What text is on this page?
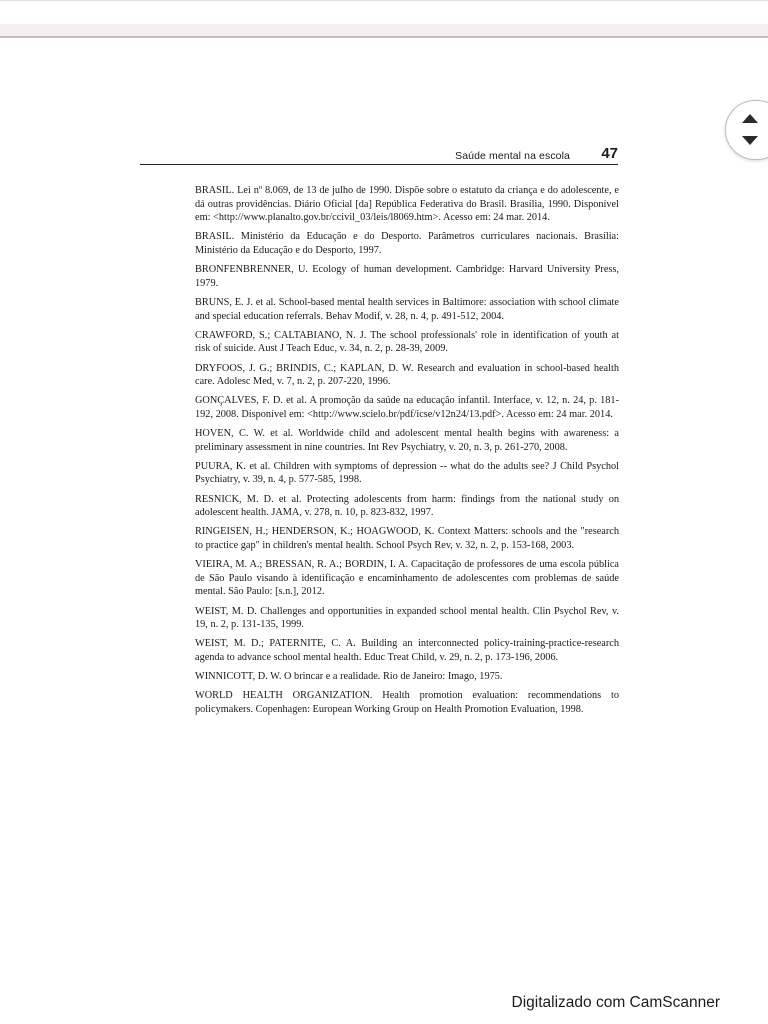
Saúde mental na escola 47

BRASIL. Lei nº 8.069, de 13 de julho de 1990. Dispõe sobre o estatuto da criança e do adolescente, e dá outras providências. Diário Oficial [da] República Federativa do Brasil. Brasília, 1990. Disponível em: <http://www.planalto.gov.br/ccivil_03/leis/l8069.htm>. Acesso em: 24 mar. 2014.

BRASIL. Ministério da Educação e do Desporto. Parâmetros curriculares nacionais. Brasília: Ministério da Educação e do Desporto, 1997.

BRONFENBRENNER, U. Ecology of human development. Cambridge: Harvard University Press, 1979.

BRUNS, E. J. et al. School-based mental health services in Baltimore: association with school climate and special education referrals. Behav Modif, v. 28, n. 4, p. 491-512, 2004.

CRAWFORD, S.; CALTABIANO, N. J. The school professionals' role in identification of youth at risk of suicide. Aust J Teach Educ, v. 34, n. 2, p. 28-39, 2009.

DRYFOOS, J. G.; BRINDIS, C.; KAPLAN, D. W. Research and evaluation in school-based health care. Adolesc Med, v. 7, n. 2, p. 207-220, 1996.

GONÇALVES, F. D. et al. A promoção da saúde na educação infantil. Interface, v. 12, n. 24, p. 181-192, 2008. Disponível em: <http://www.scielo.br/pdf/icse/v12n24/13.pdf>. Acesso em: 24 mar. 2014.

HOVEN, C. W. et al. Worldwide child and adolescent mental health begins with awareness: a preliminary assessment in nine countries. Int Rev Psychiatry, v. 20, n. 3, p. 261-270, 2008.

PUURA, K. et al. Children with symptoms of depression -- what do the adults see? J Child Psychol Psychiatry, v. 39, n. 4, p. 577-585, 1998.

RESNICK, M. D. et al. Protecting adolescents from harm: findings from the national study on adolescent health. JAMA, v. 278, n. 10, p. 823-832, 1997.

RINGEISEN, H.; HENDERSON, K.; HOAGWOOD, K. Context Matters: schools and the "research to practice gap" in children's mental health. School Psych Rev, v. 32, n. 2, p. 153-168, 2003.

VIEIRA, M. A.; BRESSAN, R. A.; BORDIN, I. A. Capacitação de professores de uma escola pública de São Paulo visando à identificação e encaminhamento de adolescentes com problemas de saúde mental. São Paulo: [s.n.], 2012.

WEIST, M. D. Challenges and opportunities in expanded school mental health. Clin Psychol Rev, v. 19, n. 2, p. 131-135, 1999.

WEIST, M. D.; PATERNITE, C. A. Building an interconnected policy-training-practice-research agenda to advance school mental health. Educ Treat Child, v. 29, n. 2, p. 173-196, 2006.

WINNICOTT, D. W. O brincar e a realidade. Rio de Janeiro: Imago, 1975.

WORLD HEALTH ORGANIZATION. Health promotion evaluation: recommendations to policymakers. Copenhagen: European Working Group on Health Promotion Evaluation, 1998.

Digitalizado com CamScanner
